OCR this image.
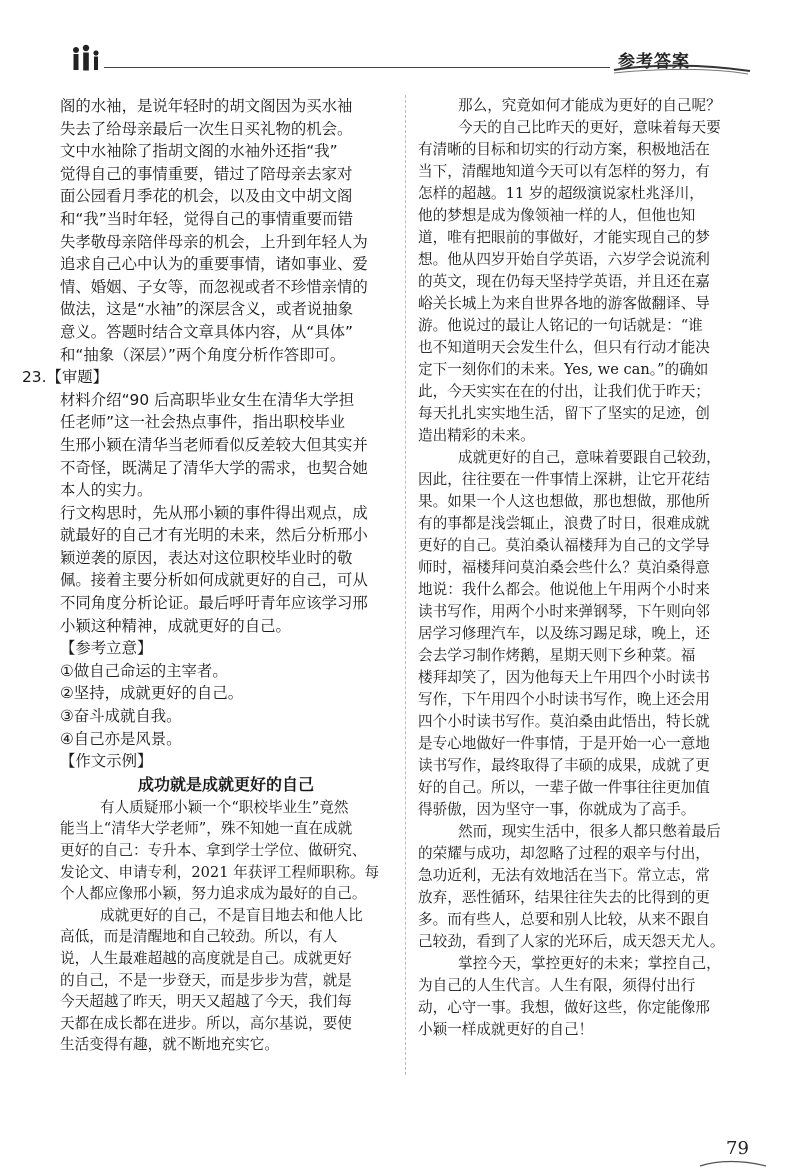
参考答案
阁的水袖，是说年轻时的胡文阁因为买水袖
失去了给母亲最后一次生日买礼物的机会。
文中水袖除了指胡文阁的水袖外还指“我”
觉得自己的事情重要，错过了陪母亲去家对
面公园看月季花的机会，以及由文中胡文阁
和“我”当时年轻，觉得自己的事情重要而错
失孝敬母亲陪伴母亲的机会，上升到年轻人为
追求自己心中认为的重要事情，诸如事业、爱
情、婚姻、子女等，而忽视或者不珍惜亲情的
做法，这是“水袖”的深层含义，或者说抽象
意义。答题时结合文章具体内容，从“具体”
和“抽象（深层）”两个角度分析作答即可。
23.【审题】
材料介绍“90 后高职毕业女生在清华大学担
任老师”这一社会热点事件，指出职校毕业
生邢小颖在清华当老师看似反差较大但其实并
不奇怪，既满足了清华大学的需求，也契合她
本人的实力。
行文构思时，先从邢小颖的事件得出观点，成
就最好的自己才有光明的未来，然后分析邢小
颖逆袭的原因，表达对这位职校毕业时的敬
佩。接着主要分析如何成就更好的自己，可从
不同角度分析论证。最后呼吁青年应该学习邢
小颖这种精神，成就更好的自己。
【参考立意】
①做自己命运的主宰者。
②坚持，成就更好的自己。
③奋斗成就自我。
④自己亦是风景。
【作文示例】
成功就是成就更好的自己
有人质疑邢小颖一个“职校毕业生”竟然
能当上“清华大学老师”，殊不知她一直在成就
更好的自己：专升本、拿到学士学位、做研究、
发论文、申请专利，2021 年获评工程师职称。每
个人都应像邢小颖，努力追求成为最好的自己。
成就更好的自己，不是盲目地去和他人比
高低，而是清醒地和自己较劲。所以，有人
说，人生最难超越的高度就是自己。成就更好
的自己，不是一步登天，而是步步为营，就是
今天超越了昨天，明天又超越了今天，我们每
天都在成长都在进步。所以，高尔基说，要使
生活变得有趣，就不断地充实它。
那么，究竟如何才能成为更好的自己呢？
今天的自己比昨天的更好，意味着每天要
有清晰的目标和切实的行动方案，积极地活在
当下，清醒地知道今天可以有怎样的努力，有
怎样的超越。11 岁的超级演说家杜兆泽川，
他的梦想是成为像领袖一样的人，但他也知
道，唯有把眼前的事做好，才能实现自己的梦
想。他从四岁开始自学英语，六岁学会说流利
的英文，现在仍每天坚持学英语，并且还在嘉
峪关长城上为来自世界各地的游客做翻译、导
游。他说过的最让人铭记的一句话就是：“谁
也不知道明天会发生什么，但只有行动才能决
定下一刻你们的未来。Yes, we can。”的确如
此，今天实实在在的付出，让我们优于昨天；
每天扎扎实实地生活，留下了坚实的足迹，创
造出精彩的未来。
成就更好的自己，意味着要跟自己较劲，
因此，往往要在一件事情上深耕，让它开花结
果。如果一个人这也想做，那也想做，那他所
有的事都是浅尝辄止，浪费了时日，很难成就
更好的自己。莫泊桑认福楼拜为自己的文学导
师时，福楼拜问莫泊桑会些什么？莫泊桑得意
地说：我什么都会。他说他上午用两个小时来
读书写作，用两个小时来弹钢琴，下午则向邻
居学习修理汽车，以及练习踢足球，晚上，还
会去学习制作烤鹅，星期天则下乡种菜。福
楼拜却笑了，因为他每天上午用四个小时读书
写作，下午用四个小时读书写作，晚上还会用
四个小时读书写作。莫泊桑由此悟出，特长就
是专心地做好一件事情，于是开始一心一意地
读书写作，最终取得了丰硕的成果，成就了更
好的自己。所以，一辈子做一件事往往更加值
得骄傲，因为坚守一事，你就成为了高手。
然而，现实生活中，很多人都只憋着最后
的荣耀与成功，却忽略了过程的艰辛与付出，
急功近利，无法有效地活在当下。常立志，常
放弃，恶性循环，结果往往失去的比得到的更
多。而有些人，总要和别人比较，从来不跟自
己较劲，看到了人家的光环后，成天怨天尤人。
掌控今天，掌控更好的未来；掌控自己，
为自己的人生代言。人生有限，须得付出行
动，心守一事。我想，做好这些，你定能像邢
小颖一样成就更好的自己！
79
